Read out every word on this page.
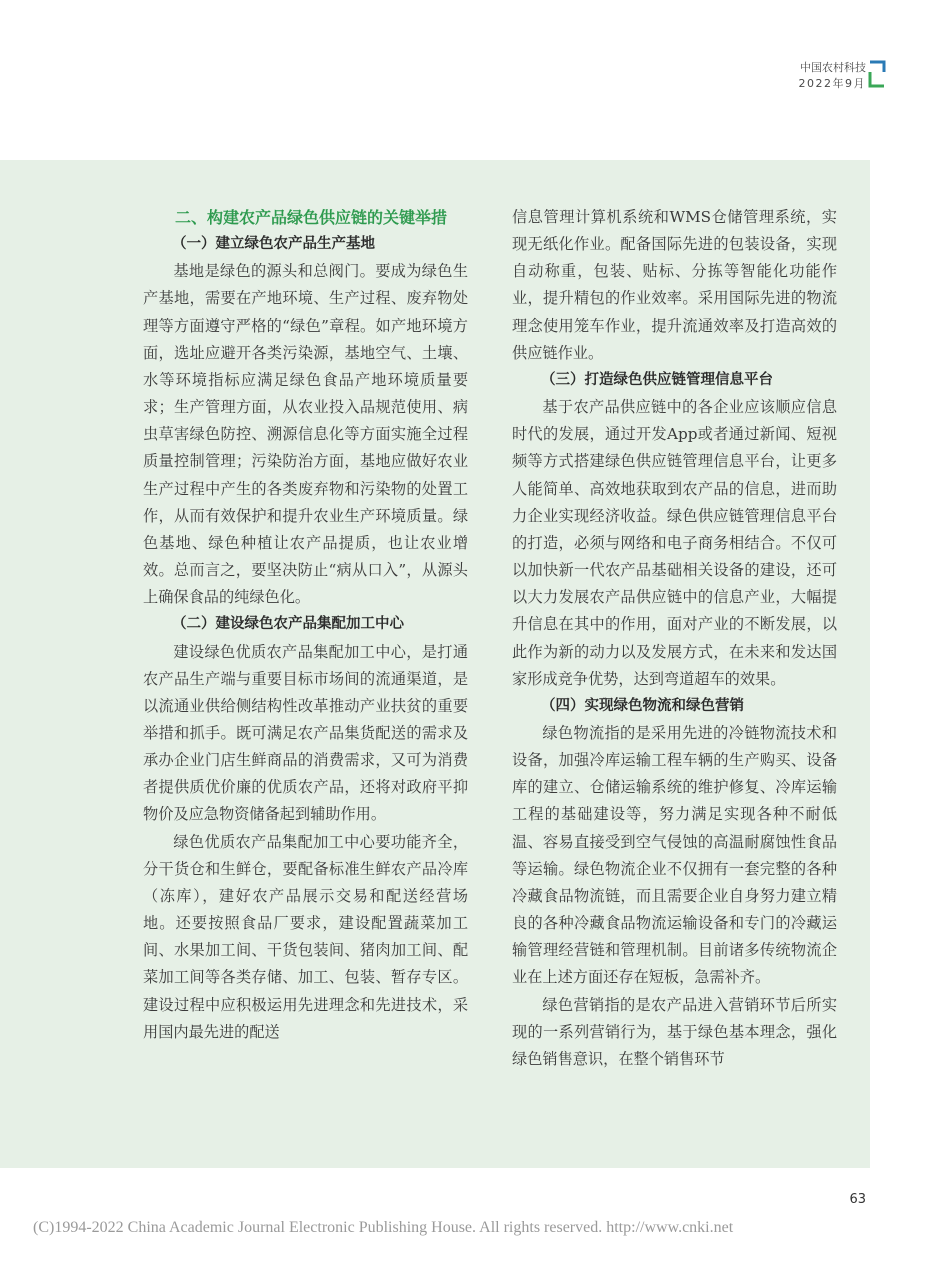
中国农村科技
2022年9月
二、构建农产品绿色供应链的关键举措
（一）建立绿色农产品生产基地

基地是绿色的源头和总阀门。要成为绿色生产基地，需要在产地环境、生产过程、废弃物处理等方面遵守严格的“绿色”章程。如产地环境方面，选址应避开各类污染源，基地空气、土壤、水等环境指标应满足绿色食品产地环境质量要求；生产管理方面，从农业投入品规范使用、病虫草害绿色防控、溯源信息化等方面实施全过程质量控制管理；污染防治方面，基地应做好农业生产过程中产生的各类废弃物和污染物的处置工作，从而有效保护和提升农业生产环境质量。绿色基地、绿色种植让农产品提质，也让农业增效。总而言之，要坚决防止“病从口入”，从源头上确保食品的纯绿色化。

（二）建设绿色农产品集配加工中心

建设绿色优质农产品集配加工中心，是打通农产品生产端与重要目标市场间的流通渠道，是以流通业供给侧结构性改革推动产业扶贫的重要举措和抓手。既可满足农产品集货配送的需求及承办企业门店生鲜商品的消费需求，又可为消费者提供质优价廉的优质农产品，还将对政府平抑物价及应急物资储备起到辅助作用。

绿色优质农产品集配加工中心要功能齐全，分干货仓和生鲜仓，要配备标准生鲜农产品冷库（冻库），建好农产品展示交易和配送经营场地。还要按照食品厂要求，建设配置蔬菜加工间、水果加工间、干货包装间、猪肉加工间、配菜加工间等各类存储、加工、包装、暂存专区。建设过程中应积极运用先进理念和先进技术，采用国内最先进的配送

信息管理计算机系统和WMS仓储管理系统，实现无纸化作业。配备国际先进的包装设备，实现自动称重，包装、贴标、分拣等智能化功能作业，提升精包的作业效率。采用国际先进的物流理念使用笼车作业，提升流通效率及打造高效的供应链作业。

（三）打造绿色供应链管理信息平台

基于农产品供应链中的各企业应该顺应信息时代的发展，通过开发App或者通过新闻、短视频等方式搭建绿色供应链管理信息平台，让更多人能简单、高效地获取到农产品的信息，进而助力企业实现经济收益。绿色供应链管理信息平台的打造，必须与网络和电子商务相结合。不仅可以加快新一代农产品基础相关设备的建设，还可以大力发展农产品供应链中的信息产业，大幅提升信息在其中的作用，面对产业的不断发展，以此作为新的动力以及发展方式，在未来和发达国家形成竞争优势，达到弯道超车的效果。

（四）实现绿色物流和绿色营销

绿色物流指的是采用先进的冷链物流技术和设备，加强冷库运输工程车辆的生产购买、设备库的建立、仓储运输系统的维护修复、冷库运输工程的基础建设等，努力满足实现各种不耐低温、容易直接受到空气侵蚀的高温耐腐蚀性食品等运输。绿色物流企业不仅拥有一套完整的各种冷藏食品物流链，而且需要企业自身努力建立精良的各种冷藏食品物流运输设备和专门的冷藏运输管理经营链和管理机制。目前诸多传统物流企业在上述方面还存在短板，急需补齐。

绿色营销指的是农产品进入营销环节后所实现的一系列营销行为，基于绿色基本理念，强化绿色销售意识，在整个销售环节

63
(C)1994-2022 China Academic Journal Electronic Publishing House. All rights reserved. http://www.cnki.net
